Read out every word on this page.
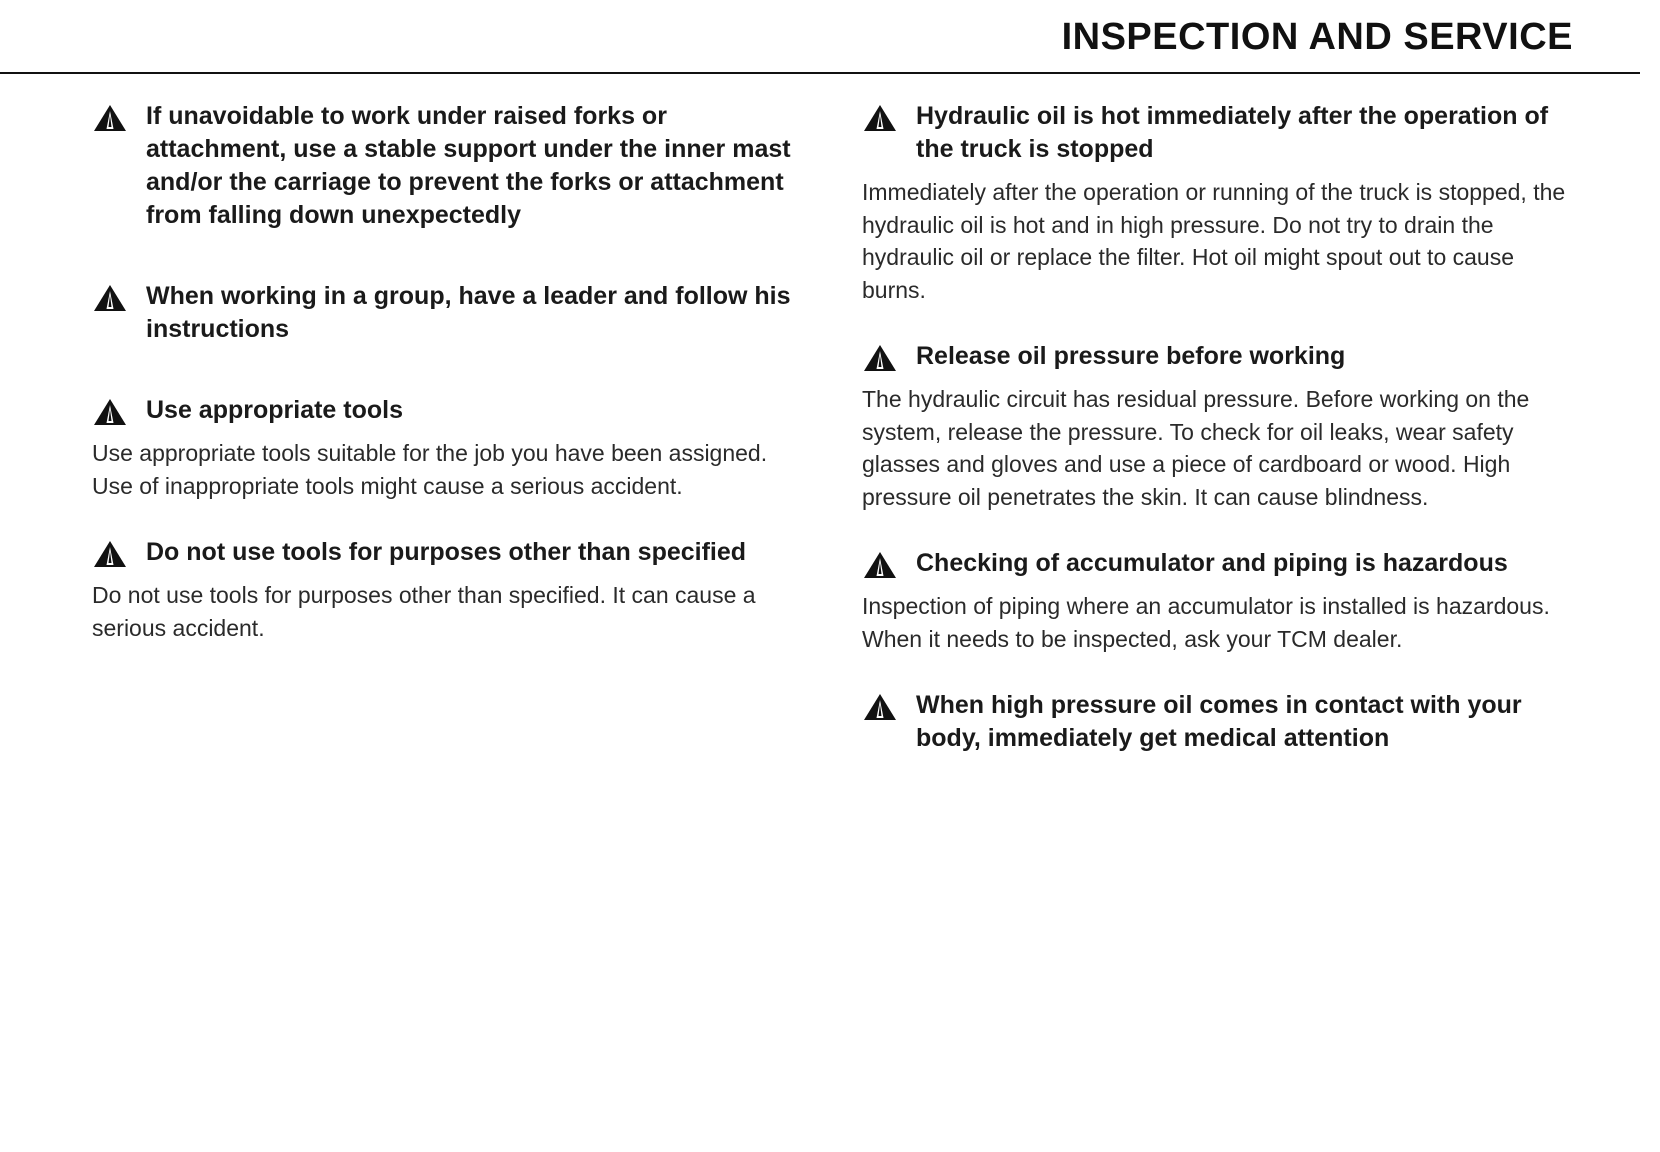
INSPECTION AND SERVICE
If unavoidable to work under raised forks or attachment, use a stable support under the inner mast and/or the carriage to prevent the forks or attachment from falling down unexpectedly
When working in a group, have a leader and follow his instructions
Use appropriate tools

Use appropriate tools suitable for the job you have been assigned. Use of inappropriate tools might cause a serious accident.

Do not use tools for purposes other than specified

Do not use tools for purposes other than specified. It can cause a serious accident.

Hydraulic oil is hot immediately after the operation of the truck is stopped

Immediately after the operation or running of the truck is stopped, the hydraulic oil is hot and in high pressure. Do not try to drain the hydraulic oil or replace the filter. Hot oil might spout out to cause burns.

Release oil pressure before working

The hydraulic circuit has residual pressure. Before working on the system, release the pressure. To check for oil leaks, wear safety glasses and gloves and use a piece of cardboard or wood. High pressure oil penetrates the skin. It can cause blindness.

Checking of accumulator and piping is hazardous

Inspection of piping where an accumulator is installed is hazardous. When it needs to be inspected, ask your TCM dealer.

When high pressure oil comes in contact with your body, immediately get medical attention
